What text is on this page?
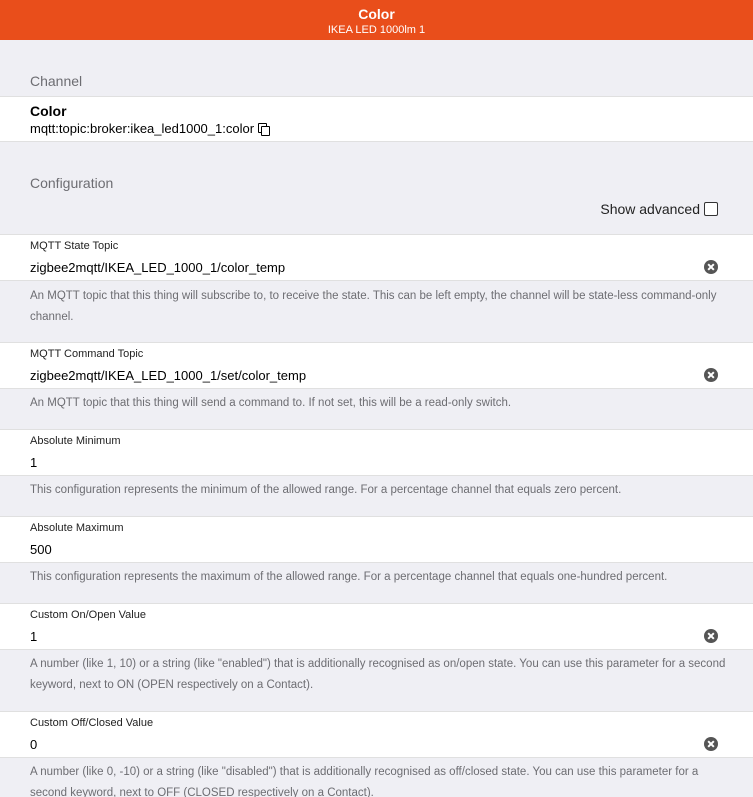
Color
IKEA LED 1000lm 1
Channel
Color
mqtt:topic:broker:ikea_led1000_1:color
Configuration
Show advanced
MQTT State Topic
zigbee2mqtt/IKEA_LED_1000_1/color_temp
An MQTT topic that this thing will subscribe to, to receive the state. This can be left empty, the channel will be state-less command-only channel.
MQTT Command Topic
zigbee2mqtt/IKEA_LED_1000_1/set/color_temp
An MQTT topic that this thing will send a command to. If not set, this will be a read-only switch.
Absolute Minimum
1
This configuration represents the minimum of the allowed range. For a percentage channel that equals zero percent.
Absolute Maximum
500
This configuration represents the maximum of the allowed range. For a percentage channel that equals one-hundred percent.
Custom On/Open Value
1
A number (like 1, 10) or a string (like "enabled") that is additionally recognised as on/open state. You can use this parameter for a second keyword, next to ON (OPEN respectively on a Contact).
Custom Off/Closed Value
0
A number (like 0, -10) or a string (like "disabled") that is additionally recognised as off/closed state. You can use this parameter for a second keyword, next to OFF (CLOSED respectively on a Contact).
